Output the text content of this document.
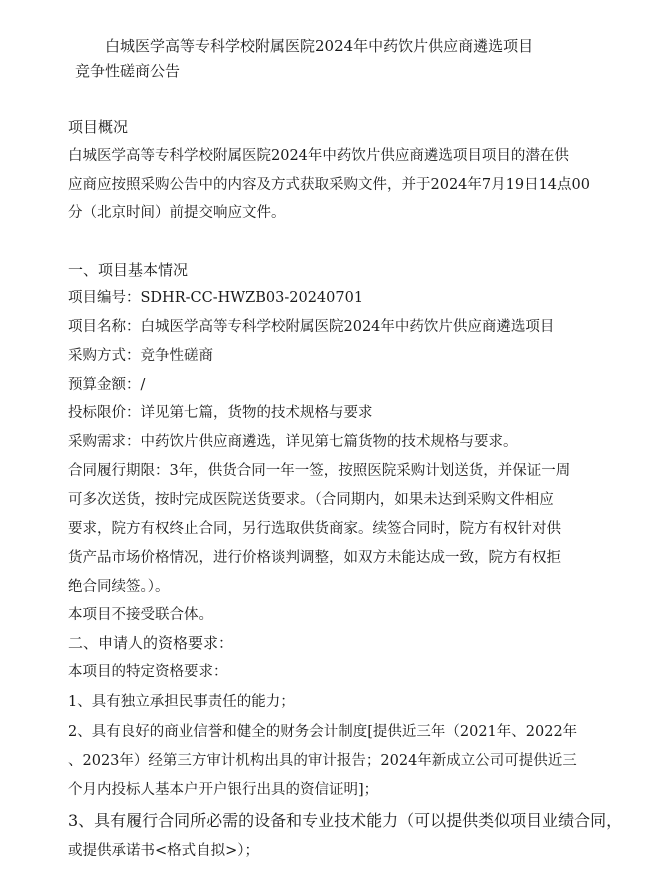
白城医学高等专科学校附属医院2024年中药饮片供应商遴选项目
竞争性磋商公告
项目概况
白城医学高等专科学校附属医院2024年中药饮片供应商遴选项目项目的潜在供
应商应按照采购公告中的内容及方式获取采购文件，并于2024年7月19日14点00
分（北京时间）前提交响应文件。
一、项目基本情况
项目编号：SDHR-CC-HWZB03-20240701
项目名称：白城医学高等专科学校附属医院2024年中药饮片供应商遴选项目
采购方式：竞争性磋商
预算金额：/
投标限价：详见第七篇，货物的技术规格与要求
采购需求：中药饮片供应商遴选，详见第七篇货物的技术规格与要求。
合同履行期限：3年，供货合同一年一签，按照医院采购计划送货，并保证一周
可多次送货，按时完成医院送货要求。（合同期内，如果未达到采购文件相应
要求，院方有权终止合同，另行选取供货商家。续签合同时，院方有权针对供
货产品市场价格情况，进行价格谈判调整，如双方未能达成一致，院方有权拒
绝合同续签。）。
本项目不接受联合体。
二、申请人的资格要求：
本项目的特定资格要求：
1、具有独立承担民事责任的能力；
2、具有良好的商业信誉和健全的财务会计制度[提供近三年（2021年、2022年
、2023年）经第三方审计机构出具的审计报告；2024年新成立公司可提供近三
个月内投标人基本户开户银行出具的资信证明]；
3、具有履行合同所必需的设备和专业技术能力（可以提供类似项目业绩合同，
或提供承诺书<格式自拟>）；
